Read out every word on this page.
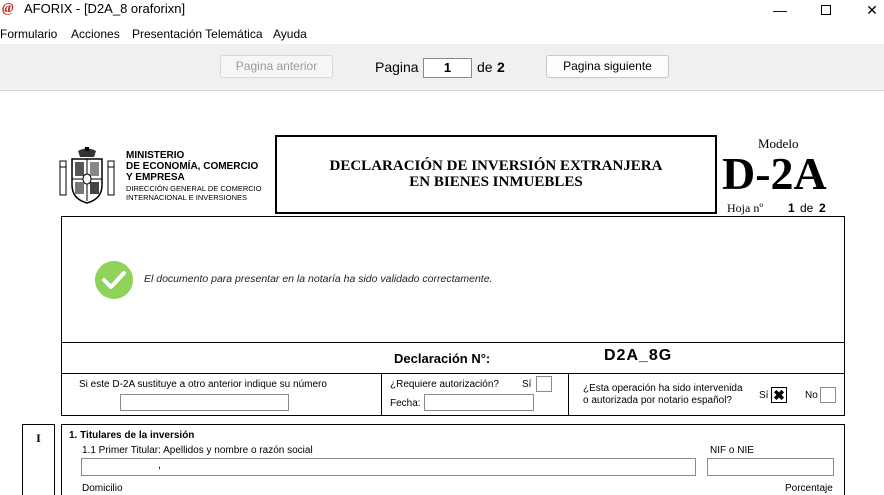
@ AFORIX - [D2A_8 oraforixn]	—	✕
Formulario Acciones Presentación Telemática Ayuda
Pagina anterior	Pagina	1	de 2	Pagina siguiente
MINISTERIO
DE ECONOMÍA, COMERCIO
Y EMPRESA
DIRECCIÓN GENERAL DE COMERCIO
INTERNACIONAL E INVERSIONES
DECLARACIÓN DE INVERSIÓN EXTRANJERA
EN BIENES INMUEBLES
Modelo
D-2A
Hoja nº 1 de 2
El documento para presentar en la notaría ha sido validado correctamente.
Declaración N°:	D2A_8G
Si este D-2A sustituye a otro anterior indique su número	¿Requiere autorización? Sí
Fecha:
¿Esta operación ha sido intervenida
o autorizada por notario español?	Sí ✖ No
I	1. Titulares de la inversión
1.1 Primer Titular: Apellidos y nombre o razón social
,
NIF o NIE
Domicilio	Porcentaje
